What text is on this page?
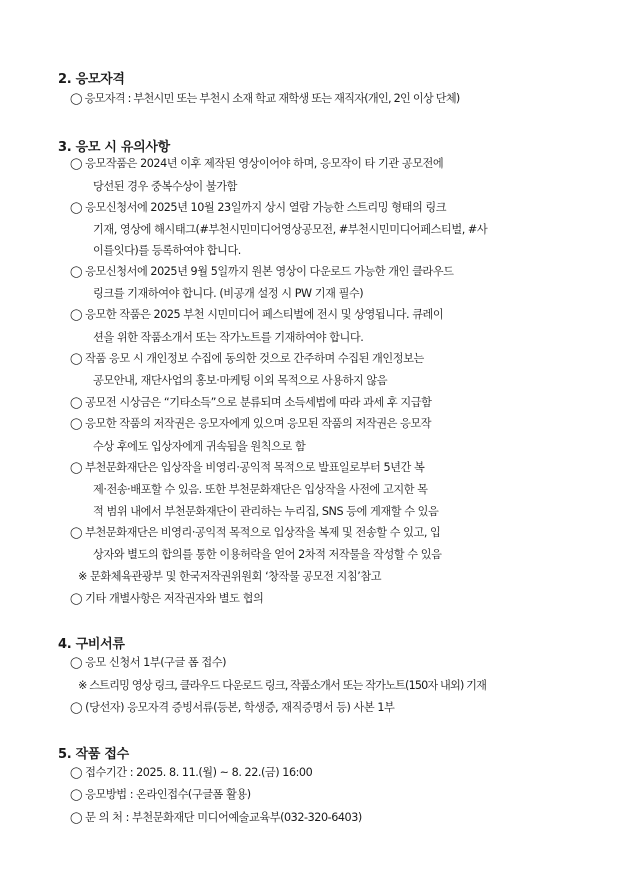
2. 응모자격
◯ 응모자격 : 부천시민 또는 부천시 소재 학교 재학생 또는 재직자(개인, 2인 이상 단체)
3. 응모 시 유의사항
◯ 응모작품은 2024년 이후 제작된 영상이어야 하며, 응모작이 타 기관 공모전에
당선된 경우 중복수상이 불가함
◯ 응모신청서에 2025년 10월 23일까지 상시 열람 가능한 스트리밍 형태의 링크
기재, 영상에 해시태그(#부천시민미디어영상공모전, #부천시민미디어페스티벌, #사
이를잇다)를 등록하여야 합니다.
◯ 응모신청서에 2025년 9월 5일까지 원본 영상이 다운로드 가능한 개인 클라우드
링크를 기재하여야 합니다. (비공개 설정 시 PW 기재 필수)
◯ 응모한 작품은 2025 부천 시민미디어 페스티벌에 전시 및 상영됩니다. 큐레이
션을 위한 작품소개서 또는 작가노트를 기재하여야 합니다.
◯ 작품 응모 시 개인정보 수집에 동의한 것으로 간주하며 수집된 개인정보는
공모안내, 재단사업의 홍보·마케팅 이외 목적으로 사용하지 않음
◯ 공모전 시상금은 “기타소득”으로 분류되며 소득세법에 따라 과세 후 지급함
◯ 응모한 작품의 저작권은 응모자에게 있으며 응모된 작품의 저작권은 응모작
수상 후에도 입상자에게 귀속됨을 원칙으로 함
◯ 부천문화재단은 입상작을 비영리·공익적 목적으로 발표일로부터 5년간 복
제·전송·배포할 수 있음. 또한 부천문화재단은 입상작을 사전에 고지한 목
적 범위 내에서 부천문화재단이 관리하는 누리집, SNS 등에 게재할 수 있음
◯ 부천문화재단은 비영리·공익적 목적으로 입상작을 복제 및 전송할 수 있고, 입
상자와 별도의 합의를 통한 이용허락을 얻어 2차적 저작물을 작성할 수 있음
※ 문화체육관광부 및 한국저작권위원회 ‘창작물 공모전 지침’참고
◯ 기타 개별사항은 저작권자와 별도 협의
4. 구비서류
◯ 응모 신청서 1부(구글 폼 접수)
※ 스트리밍 영상 링크, 클라우드 다운로드 링크, 작품소개서 또는 작가노트(150자 내외) 기재
◯ (당선자) 응모자격 증빙서류(등본, 학생증, 재직증명서 등) 사본 1부
5. 작품 접수
◯ 접수기간 : 2025. 8. 11.(월) ~ 8. 22.(금) 16:00
◯ 응모방법 : 온라인접수(구글폼 활용)
◯ 문 의 처 : 부천문화재단 미디어예술교육부(032-320-6403)
